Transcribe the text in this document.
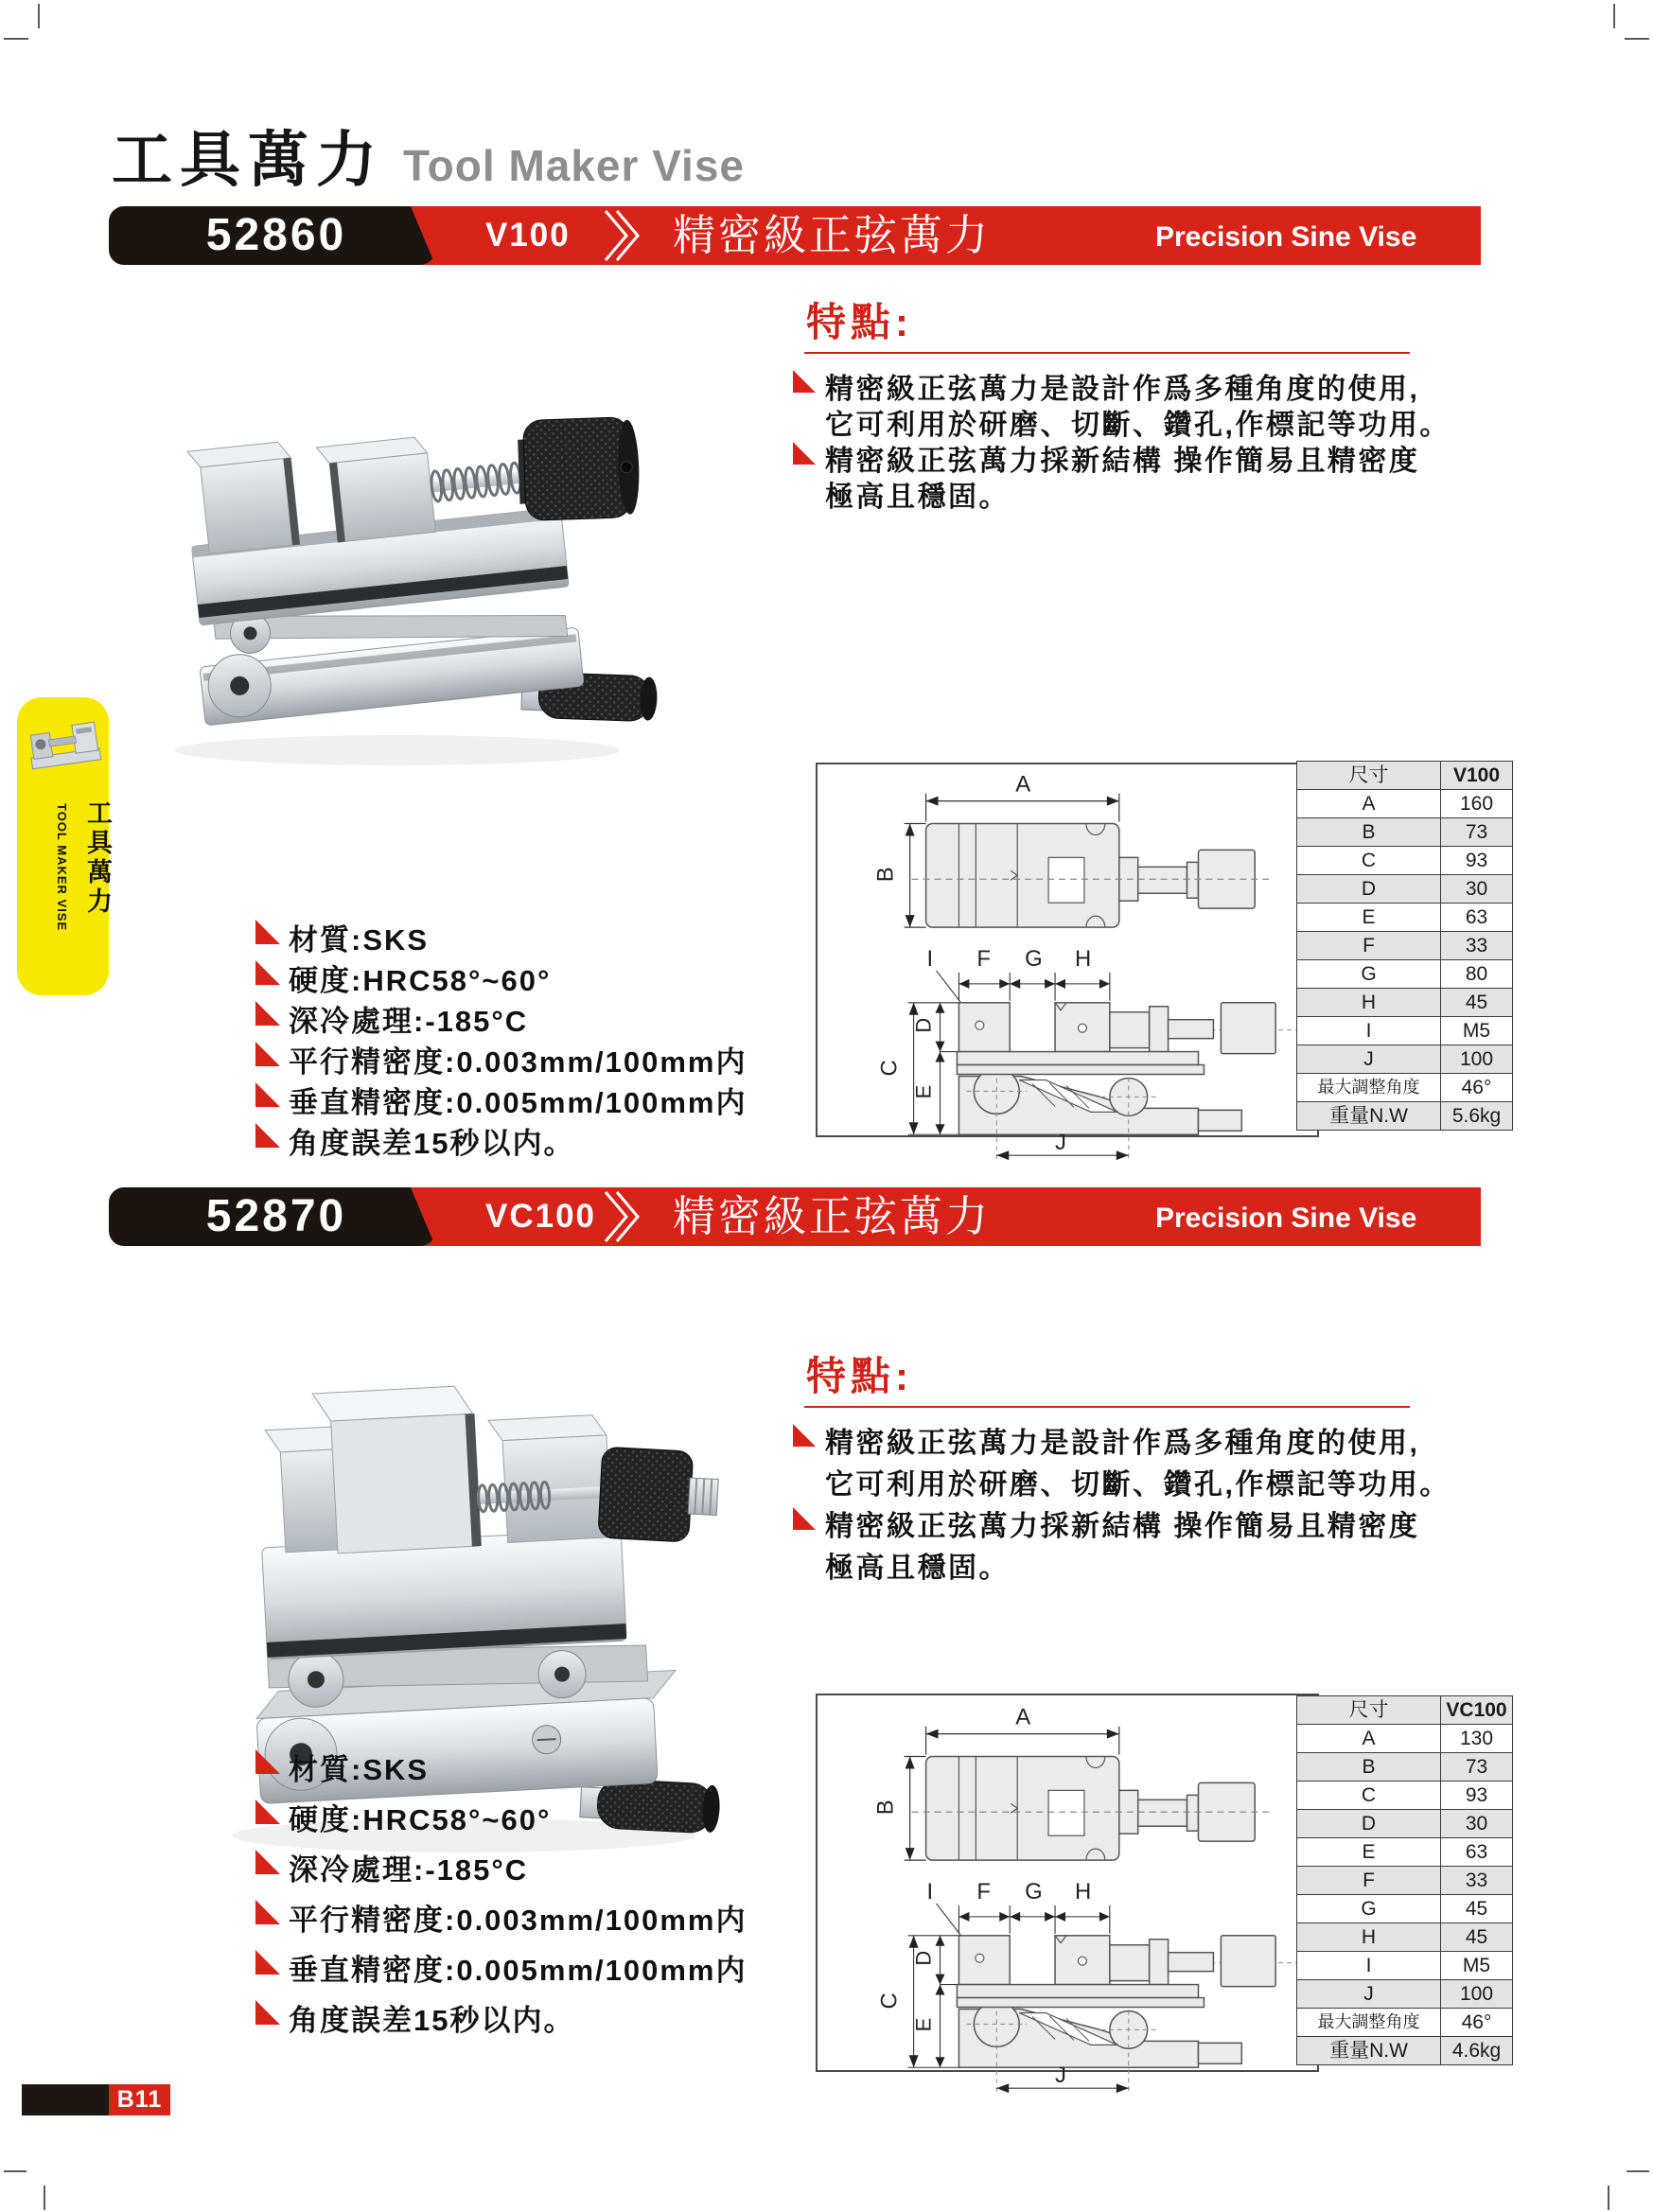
工具萬力 Tool Maker Vise
52860	V100 精密級正弦萬力	Precision Sine Vise
特點:
精密級正弦萬力是設計作爲多種角度的使用,
它可利用於研磨、切斷、鑽孔,作標記等功用。
精密級正弦萬力採新結構 操作簡易且精密度
極高且穩固。
材質:SKS
硬度:HRC58°~60°
深冷處理:-185°C
平行精密度:0.003mm/100mm内
垂直精密度:0.005mm/100mm内
角度誤差15秒以内。
A
B
I F G H
C
D
E
J
尺寸	V100
A	160
B	73
C	93
D	30
E	63
F	33
G	80
H	45
I	M5
J	100
最大調整角度	46°
重量N.W	5.6kg
52870	VC100 精密級正弦萬力	Precision Sine Vise
特點:
精密級正弦萬力是設計作爲多種角度的使用,
它可利用於研磨、切斷、鑽孔,作標記等功用。
精密級正弦萬力採新結構 操作簡易且精密度
極高且穩固。
材質:SKS
硬度:HRC58°~60°
深冷處理:-185°C
平行精密度:0.003mm/100mm内
垂直精密度:0.005mm/100mm内
角度誤差15秒以内。
A
B
I F G H
C
D
E
J
尺寸	VC100
A	130
B	73
C	93
D	30
E	63
F	33
G	45
H	45
I	M5
J	100
最大調整角度	46°
重量N.W	4.6kg
工具萬力
TOOL MAKER VISE
B11
